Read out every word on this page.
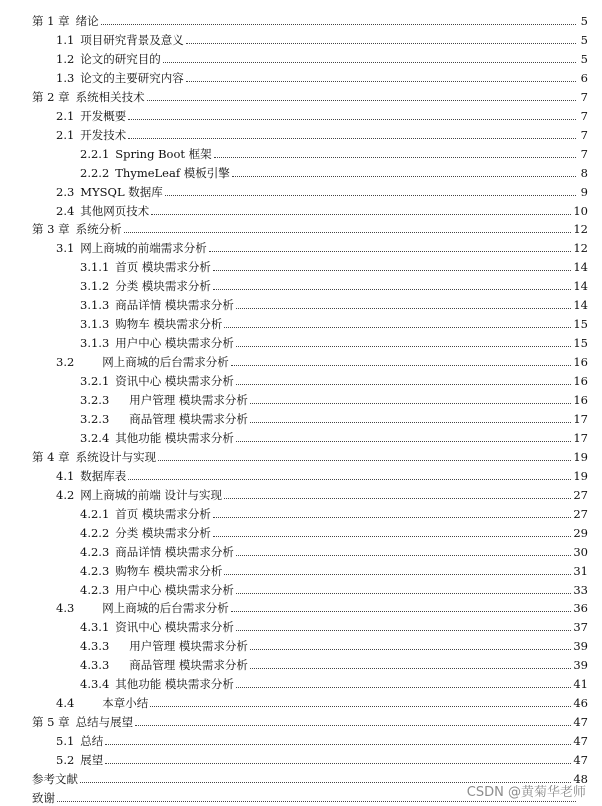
第 1 章 绪论	5
1.1 项目研究背景及意义	5
1.2 论文的研究目的	5
1.3 论文的主要研究内容	6
第 2 章 系统相关技术	7
2.1 开发概要	7
2.1 开发技术	7
2.2.1 Spring Boot 框架	7
2.2.2 ThymeLeaf 模板引擎	8
2.3 MYSQL 数据库	9
2.4 其他网页技术	10
第 3 章 系统分析	12
3.1 网上商城的前端需求分析	12
3.1.1 首页 模块需求分析	14
3.1.2 分类 模块需求分析	14
3.1.3 商品详情 模块需求分析	14
3.1.3 购物车 模块需求分析	15
3.1.3 用户中心 模块需求分析	15
3.2 网上商城的后台需求分析	16
3.2.1 资讯中心 模块需求分析	16
3.2.3 用户管理 模块需求分析	16
3.2.3 商品管理 模块需求分析	17
3.2.4 其他功能 模块需求分析	17
第 4 章 系统设计与实现	19
4.1 数据库表	19
4.2 网上商城的前端 设计与实现	27
4.2.1 首页 模块需求分析	27
4.2.2 分类 模块需求分析	29
4.2.3 商品详情 模块需求分析	30
4.2.3 购物车 模块需求分析	31
4.2.3 用户中心 模块需求分析	33
4.3 网上商城的后台需求分析	36
4.3.1 资讯中心 模块需求分析	37
4.3.3 用户管理 模块需求分析	39
4.3.3 商品管理 模块需求分析	39
4.3.4 其他功能 模块需求分析	41
4.4 本章小结	46
第 5 章 总结与展望	47
5.1 总结	47
5.2 展望	47
参考文献	48
致谢	CSDN @黄菊华老师
